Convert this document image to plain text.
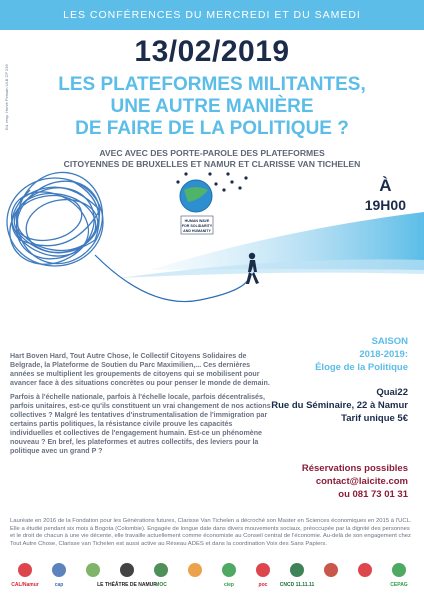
LES CONFÉRENCES DU MERCREDI ET DU SAMEDI
Ed. resp. Hervé Persain ULB CP 236
13/02/2019
LES PLATEFORMES MILITANTES,
UNE AUTRE MANIÈRE
DE FAIRE DE LA POLITIQUE ?
AVEC AVEC DES PORTE-PAROLE DES PLATEFORMES
CITOYENNES DE BRUXELLES ET NAMUR ET CLARISSE VAN TICHELEN
HUMAN WAVE
FOR SOLIDARITY
AND HUMANITY
À
19H00

Hart Boven Hard, Tout Autre Chose, le Collectif Citoyens Solidaires de Belgrade, la Plateforme de Soutien du Parc Maximilien,... Ces dernières années se multiplient les groupements de citoyens qui se mobilisent pour avancer face à des situations concrètes ou pour penser le monde de demain.

Parfois à l'échelle nationale, parfois à l'échelle locale, parfois décentralisés, parfois unitaires, est-ce qu'ils constituent un vrai changement de nos actions collectives ? Malgré les tentatives d'instrumentalisation de l'immigration par certains partis politiques, la résistance civile prouve les capacités individuelles et collectives de l'engagement humain. Est-ce un phénomène nouveau ? En bref, les plateformes et autres collectifs, des leviers pour la politique avec un grand P ?

SAISON
2018-2019:
Éloge de la Politique
Quai22
Rue du Séminaire, 22 à Namur
Tarif unique 5€
Réservations possibles
contact@laicite.com
ou 081 73 01 31
Lauréate en 2016 de la Fondation pour les Générations futures, Clarisse Van Tichelen a décroché son Master en Sciences économiques en 2015 à l'UCL. Elle a étudié pendant six mois à Bogota (Colombie). Engagée de longue date dans divers mouvements sociaux, préoccupée par la dignité des personnes et le droit de chacun à une vie décente, elle travaille actuellement comme économiste au Conseil central de l'économie. Au-delà de son engagement chez Tout Autre Chose, Clarisse van Tichelen est aussi active au Réseau ADES et dans la coordination Voix des Sans Papiers.
CAL/Namur	cap	LE THÉÂTRE DE NAMUR
MOC	ciep	poc CNCD 11.11.11	CEPAG
